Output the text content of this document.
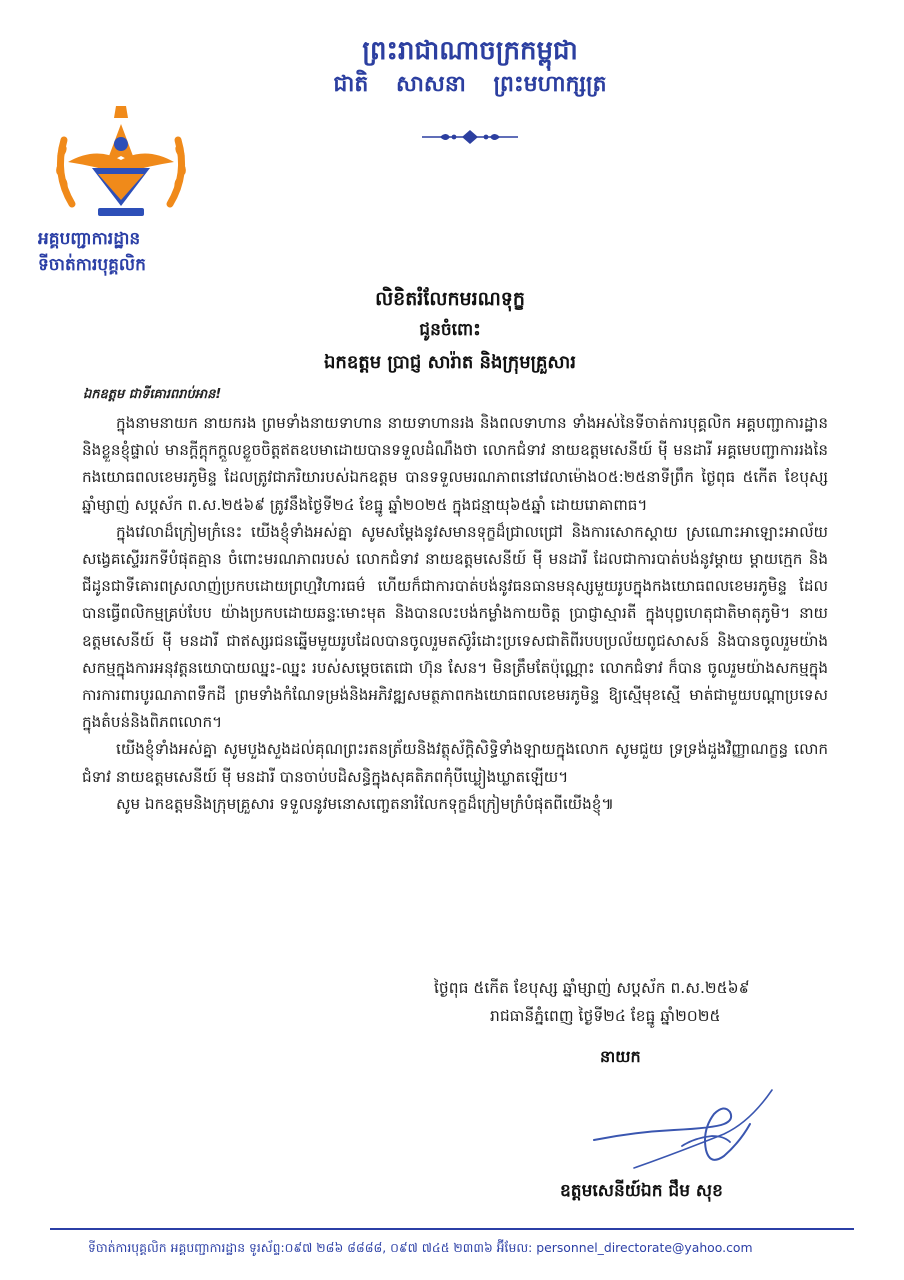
ព្រះរាជាណាចក្រកម្ពុជា
ជាតិ សាសនា ព្រះមហាក្សត្រ
អគ្គបញ្ជាការដ្ឋាន
ទីចាត់ការបុគ្គលិក
លិខិតរំលែកមរណទុក្ខ
ជូនចំពោះ
ឯកឧត្តម ប្រាជ្ញ សារ៉ាត និងក្រុមគ្រួសារ
ឯកឧត្តម ជាទីគោរពរាប់អាន!

ក្នុងនាមនាយក នាយករង ព្រមទាំងនាយទាហាន នាយទាហានរង និងពលទាហាន ទាំងអស់នៃទីចាត់ការបុគ្គលិក អគ្គបញ្ជាការដ្ឋាន និងខ្លួនខ្ញុំផ្ទាល់ មានក្ដីក្ដុកក្ដួលខ្លួចចិត្តឥតឧបមាដោយបានទទួលដំណឹងថា លោកជំទាវ នាយឧត្ដមសេនីយ៍ ម៉ី មនដារី អគ្គមេបញ្ជាការរងនៃកងយោធពលខេមរភូមិន្ទ ដែលត្រូវជាភរិយារបស់ឯកឧត្តម បានទទួលមរណភាពនៅវេលាម៉ោង០៥:២៥នាទីព្រឹក ថ្ងៃពុធ ៥កើត ខែបុស្ស ឆ្នាំម្សាញ់ សប្តស័ក ព.ស.២៥៦៩ ត្រូវនឹងថ្ងៃទី២៤ ខែធ្នូ ឆ្នាំ២០២៥ ក្នុងជន្មាយុ៦៥ឆ្នាំ ដោយរោគាពាធ។

ក្នុងវេលាដ៏ក្រៀមក្រំនេះ យើងខ្ញុំទាំងអស់គ្នា សូមសម្ដែងនូវសមានទុក្ខដ៏ជ្រាលជ្រៅ និងការសោកស្ដាយ ស្រណោះអាឡោះអាល័យសង្វេគស្ទើររកទីបំផុតគ្មាន ចំពោះមរណភាពរបស់ លោកជំទាវ នាយឧត្តមសេនីយ៍ ម៉ី មនដារី ដែលជាការបាត់បង់នូវម្ដាយ ម្ដាយក្មេក និងជីដូនជាទីគោរពស្រលាញ់ប្រកបដោយព្រហ្មវិហារធម៌ ហើយក៏ជាការបាត់បង់នូវធនធានមនុស្សមួយរូបក្នុងកងយោធពលខេមរភូមិន្ទ ដែលបានធ្វើពលិកម្មគ្រប់បែប យ៉ាងប្រកបដោយឆន្ទៈមោះមុត និងបានលះបង់កម្លាំងកាយចិត្ត ប្រាជ្ញាស្មារតី ក្នុងបុព្វហេតុជាតិមាតុភូមិ។ នាយឧត្ដមសេនីយ៍ ម៉ី មនដារី ជាឥស្សរជនឆ្នើមមួយរូបដែលបានចូលរួមតស៊ូរំដោះប្រទេសជាតិពីរបបប្រល័យពូជសាសន៍ និងបានចូលរួមយ៉ាងសកម្មក្នុងការអនុវត្តនយោបាយឈ្នះ-ឈ្នះ របស់សម្ដេចតេជោ ហ៊ុន សែន។ មិនត្រឹមតែប៉ុណ្ណោះ លោកជំទាវ ក៏បាន ចូលរួមយ៉ាងសកម្មក្នុងការការពារបូរណភាពទឹកដី ព្រមទាំងកំណែទម្រង់និងអភិវឌ្ឍសមត្ថភាពកងយោធពលខេមរភូមិន្ទ ឱ្យស្មើមុខស្មើ មាត់ជាមួយបណ្ដាប្រទេស ក្នុងតំបន់និងពិភពលោក។

យើងខ្ញុំទាំងអស់គ្នា សូមបួងសួងដល់គុណព្រះរតនត្រ័យនិងវត្ថុស័ក្តិសិទ្ធិទាំងឡាយក្នុងលោក សូមជួយ ទ្រទ្រង់ដួងវិញ្ញាណក្ខន្ធ លោកជំទាវ នាយឧត្ដមសេនីយ៍ ម៉ី មនដារី បានចាប់បដិសន្ធិក្នុងសុគតិភពកុំបីឃ្លៀងឃ្លាតឡើយ។

សូម ឯកឧត្តមនិងក្រុមគ្រួសារ ទទួលនូវមនោសញ្ចេតនារំលែកទុក្ខដ៏ក្រៀមក្រំបំផុតពីយើងខ្ញុំ៕

ថ្ងៃពុធ ៥កើត ខែបុស្ស ឆ្នាំម្សាញ់ សប្តស័ក ព.ស.២៥៦៩
រាជធានីភ្នំពេញ ថ្ងៃទី២៤ ខែធ្នូ ឆ្នាំ២០២៥
នាយក
ឧត្តមសេនីយ៍ឯក ជឹម សុខ
ទីចាត់ការបុគ្គលិក អគ្គបញ្ជាការដ្ឋាន ទូរស័ព្ទ:០៩៧ ២៨៦ ៨៨៨៨, ០៩៧ ៧៤៥ ២៣៣៦ អ៊ីមែល: personnel_directorate@yahoo.com
